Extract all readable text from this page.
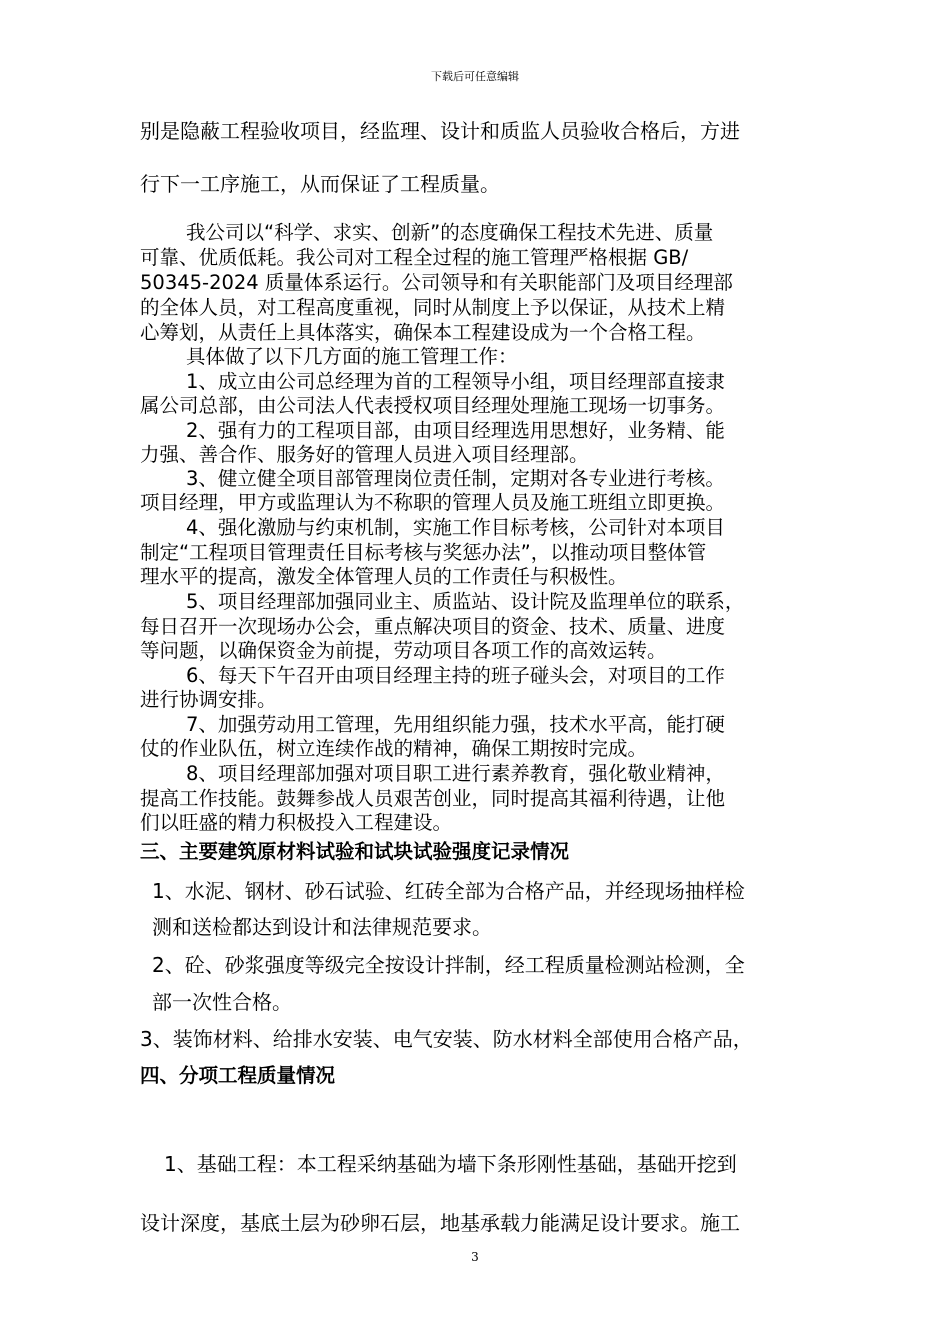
下载后可任意编辑
别是隐蔽工程验收项目，经监理、设计和质监人员验收合格后，方进
行下一工序施工，从而保证了工程质量。
我公司以“科学、求实、创新”的态度确保工程技术先进、质量
可靠、优质低耗。我公司对工程全过程的施工管理严格根据 GB/
50345-2024 质量体系运行。公司领导和有关职能部门及项目经理部
的全体人员，对工程高度重视，同时从制度上予以保证，从技术上精
心筹划，从责任上具体落实，确保本工程建设成为一个合格工程。
具体做了以下几方面的施工管理工作：
1、成立由公司总经理为首的工程领导小组，项目经理部直接隶
属公司总部，由公司法人代表授权项目经理处理施工现场一切事务。
2、强有力的工程项目部，由项目经理选用思想好，业务精、能
力强、善合作、服务好的管理人员进入项目经理部。
3、健立健全项目部管理岗位责任制，定期对各专业进行考核。
项目经理，甲方或监理认为不称职的管理人员及施工班组立即更换。
4、强化激励与约束机制，实施工作目标考核，公司针对本项目
制定“工程项目管理责任目标考核与奖惩办法”，以推动项目整体管
理水平的提高，激发全体管理人员的工作责任与积极性。
5、项目经理部加强同业主、质监站、设计院及监理单位的联系，
每日召开一次现场办公会，重点解决项目的资金、技术、质量、进度
等问题，以确保资金为前提，劳动项目各项工作的高效运转。
6、每天下午召开由项目经理主持的班子碰头会，对项目的工作
进行协调安排。
7、加强劳动用工管理，先用组织能力强，技术水平高，能打硬
仗的作业队伍，树立连续作战的精神，确保工期按时完成。
8、项目经理部加强对项目职工进行素养教育，强化敬业精神，
提高工作技能。鼓舞参战人员艰苦创业，同时提高其福利待遇，让他
们以旺盛的精力积极投入工程建设。
三、主要建筑原材料试验和试块试验强度记录情况
1、水泥、钢材、砂石试验、红砖全部为合格产品，并经现场抽样检
测和送检都达到设计和法律规范要求。
2、砼、砂浆强度等级完全按设计拌制，经工程质量检测站检测，全
部一次性合格。
3、装饰材料、给排水安装、电气安装、防水材料全部使用合格产品，
四、分项工程质量情况
1、基础工程：本工程采纳基础为墙下条形刚性基础，基础开挖到
设计深度，基底土层为砂卵石层，地基承载力能满足设计要求。施工
3
